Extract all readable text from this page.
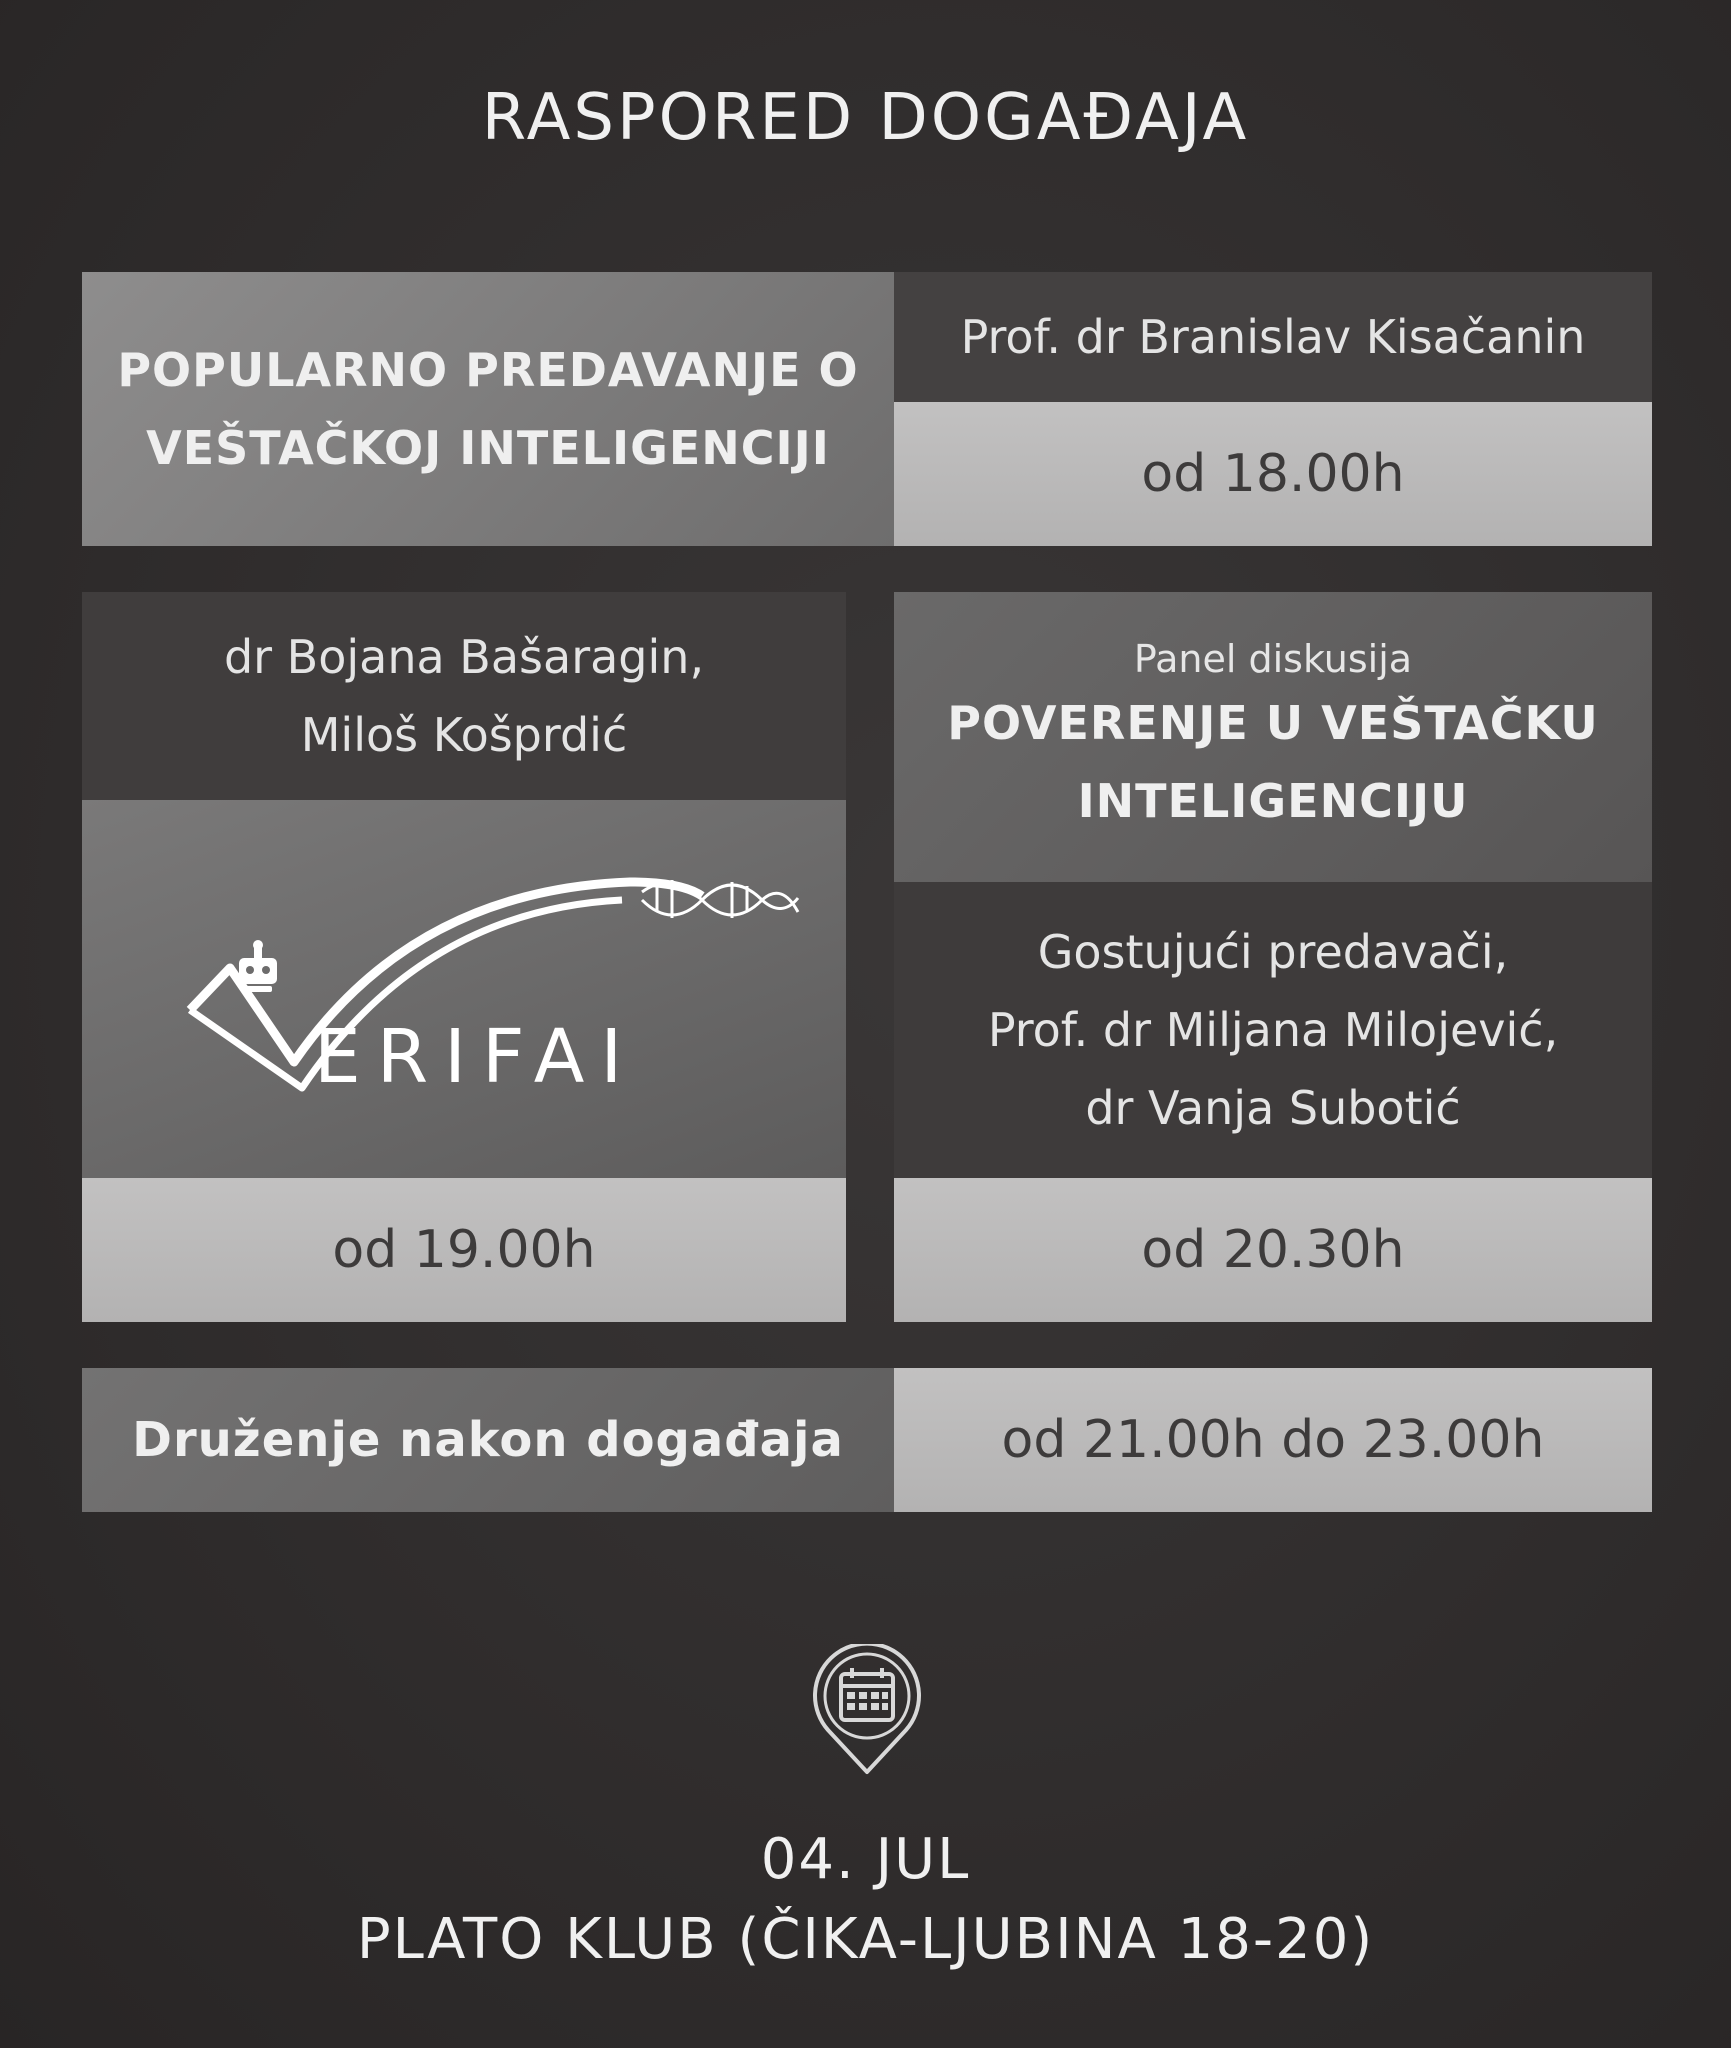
RASPORED DOGAĐAJA
POPULARNO PREDAVANJE O
VEŠTAČKOJ INTELIGENCIJI
Prof. dr Branislav Kisačanin
od 18.00h
dr Bojana Bašaragin,
Miloš Košprdić
ERIFAI
od 19.00h
Panel diskusija
POVERENJE U VEŠTAČKU
INTELIGENCIJU
Gostujući predavači,
Prof. dr Miljana Milojević,
dr Vanja Subotić
od 20.30h
Druženje nakon događaja	od 21.00h do 23.00h
04. JUL
PLATO KLUB (ČIKA-LJUBINA 18-20)
